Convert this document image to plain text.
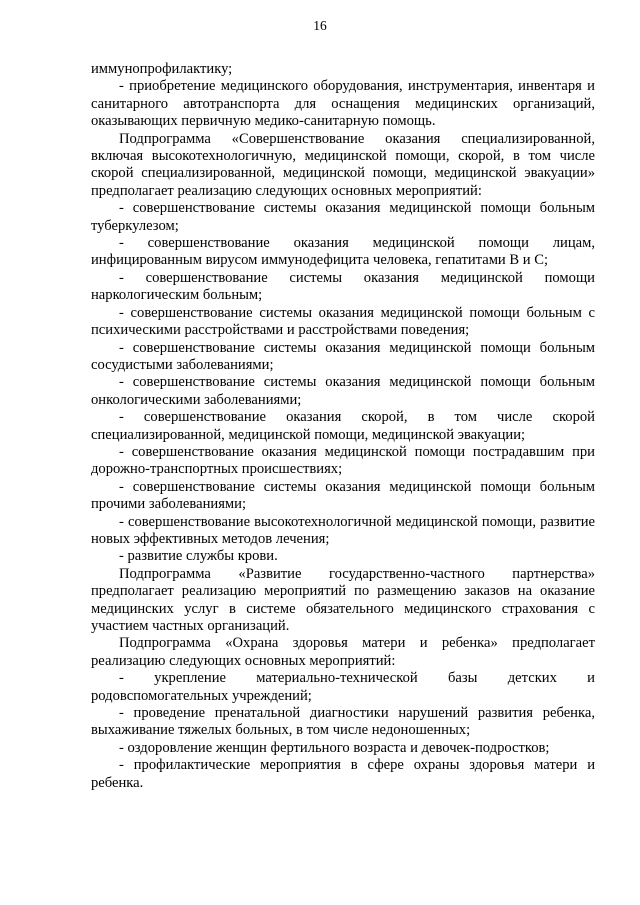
16

иммунопрофилактику;

- приобретение медицинского оборудования, инструментария, инвентаря и санитарного автотранспорта для оснащения медицинских организаций, оказывающих первичную медико-санитарную помощь.

Подпрограмма «Совершенствование оказания специализированной, включая высокотехнологичную, медицинской помощи, скорой, в том числе скорой специализированной, медицинской помощи, медицинской эвакуации» предполагает реализацию следующих основных мероприятий:

- совершенствование системы оказания медицинской помощи больным туберкулезом;

- совершенствование оказания медицинской помощи лицам, инфицированным вирусом иммунодефицита человека, гепатитами В и С;

- совершенствование системы оказания медицинской помощи наркологическим больным;

- совершенствование системы оказания медицинской помощи больным с психическими расстройствами и расстройствами поведения;

- совершенствование системы оказания медицинской помощи больным сосудистыми заболеваниями;

- совершенствование системы оказания медицинской помощи больным онкологическими заболеваниями;

- совершенствование оказания скорой, в том числе скорой специализированной, медицинской помощи, медицинской эвакуации;

- совершенствование оказания медицинской помощи пострадавшим при дорожно-транспортных происшествиях;

- совершенствование системы оказания медицинской помощи больным прочими заболеваниями;

- совершенствование высокотехнологичной медицинской помощи, развитие новых эффективных методов лечения;

- развитие службы крови.

Подпрограмма «Развитие государственно-частного партнерства» предполагает реализацию мероприятий по размещению заказов на оказание медицинских услуг в системе обязательного медицинского страхования с участием частных организаций.

Подпрограмма «Охрана здоровья матери и ребенка» предполагает реализацию следующих основных мероприятий:

- укрепление материально-технической базы детских и родовспомогательных учреждений;

- проведение пренатальной диагностики нарушений развития ребенка, выхаживание тяжелых больных, в том числе недоношенных;

- оздоровление женщин фертильного возраста и девочек-подростков;

- профилактические мероприятия в сфере охраны здоровья матери и ребенка.
